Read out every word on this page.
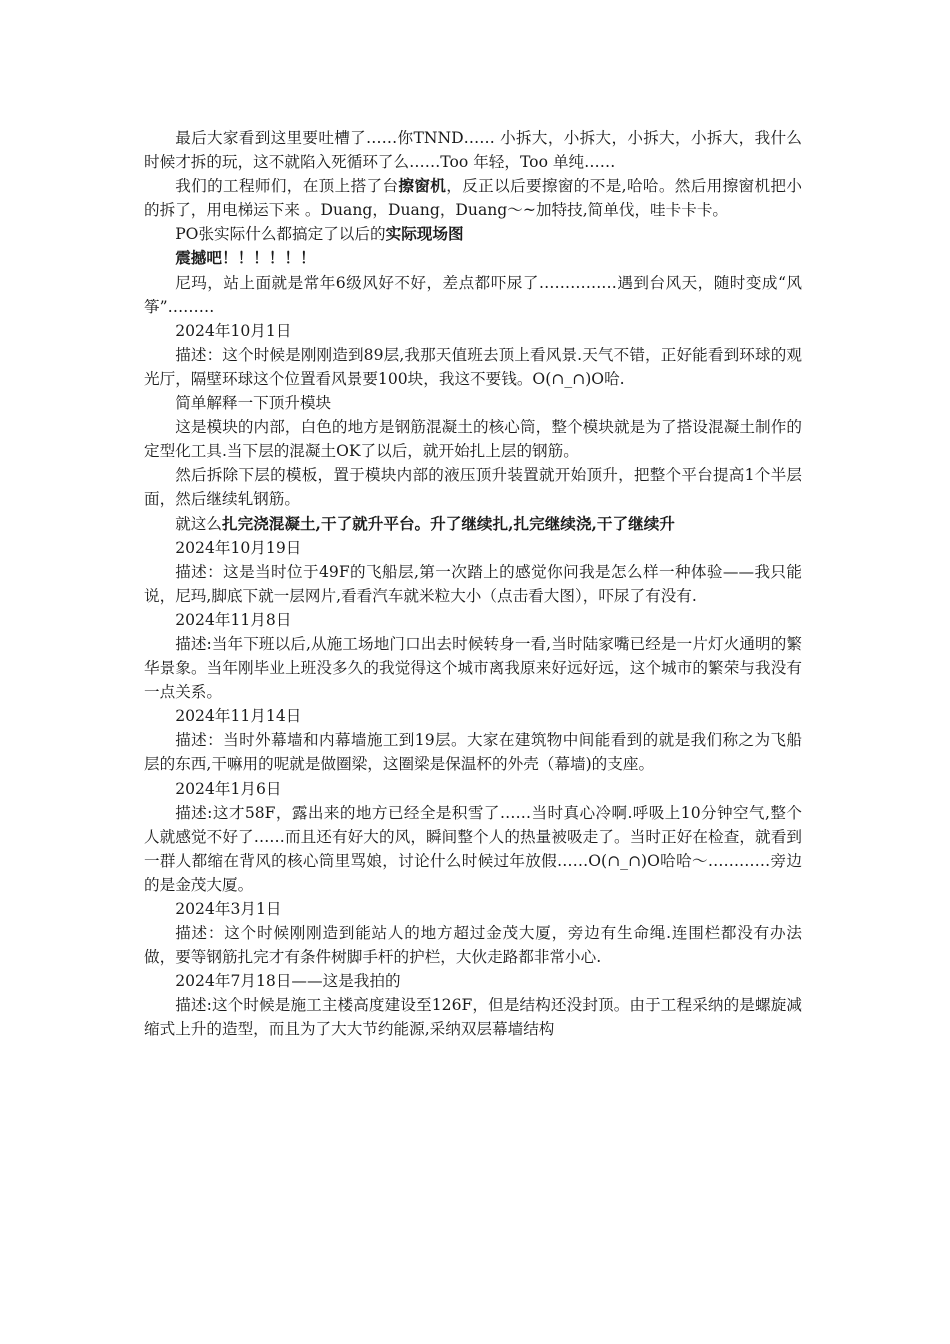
最后大家看到这里要吐槽了……你TNND…… 小拆大，小拆大，小拆大，小拆大，我什么时候才拆的玩，这不就陷入死循环了么……Too 年轻，Too 单纯……

我们的工程师们，在顶上搭了台擦窗机，反正以后要擦窗的不是,哈哈。然后用擦窗机把小的拆了，用电梯运下来 。Duang，Duang，Duang～~加特技,简单伐，哇卡卡卡。

PO张实际什么都搞定了以后的实际现场图

震撼吧！！！！！！

尼玛，站上面就是常年6级风好不好，差点都吓尿了……………遇到台风天，随时变成“风筝”………

2024年10月1日

描述：这个时候是刚刚造到89层,我那天值班去顶上看风景.天气不错，正好能看到环球的观光厅，隔壁环球这个位置看风景要100块，我这不要钱。O(∩_∩)O哈.

简单解释一下顶升模块

这是模块的内部，白色的地方是钢筋混凝土的核心筒，整个模块就是为了搭设混凝土制作的定型化工具.当下层的混凝土OK了以后，就开始扎上层的钢筋。

然后拆除下层的模板，置于模块内部的液压顶升装置就开始顶升，把整个平台提高1个半层面，然后继续轧钢筋。

就这么扎完浇混凝土,干了就升平台。升了继续扎,扎完继续浇,干了继续升

2024年10月19日

描述：这是当时位于49F的飞船层,第一次踏上的感觉你问我是怎么样一种体验——我只能说，尼玛,脚底下就一层网片,看看汽车就米粒大小（点击看大图），吓尿了有没有.

2024年11月8日

描述:当年下班以后,从施工场地门口出去时候转身一看,当时陆家嘴已经是一片灯火通明的繁华景象。当年刚毕业上班没多久的我觉得这个城市离我原来好远好远，这个城市的繁荣与我没有一点关系。

2024年11月14日

描述：当时外幕墙和内幕墙施工到19层。大家在建筑物中间能看到的就是我们称之为飞船层的东西,干嘛用的呢就是做圈梁，这圈梁是保温杯的外壳（幕墙)的支座。

2024年1月6日

描述:这才58F，露出来的地方已经全是积雪了……当时真心冷啊.呼吸上10分钟空气,整个人就感觉不好了……而且还有好大的风，瞬间整个人的热量被吸走了。当时正好在检查，就看到一群人都缩在背风的核心筒里骂娘，讨论什么时候过年放假……O(∩_∩)O哈哈～…………旁边的是金茂大厦。

2024年3月1日

描述：这个时候刚刚造到能站人的地方超过金茂大厦，旁边有生命绳.连围栏都没有办法做，要等钢筋扎完才有条件树脚手杆的护栏，大伙走路都非常小心.

2024年7月18日——这是我拍的

描述:这个时候是施工主楼高度建设至126F，但是结构还没封顶。由于工程采纳的是螺旋减缩式上升的造型，而且为了大大节约能源,采纳双层幕墙结构
